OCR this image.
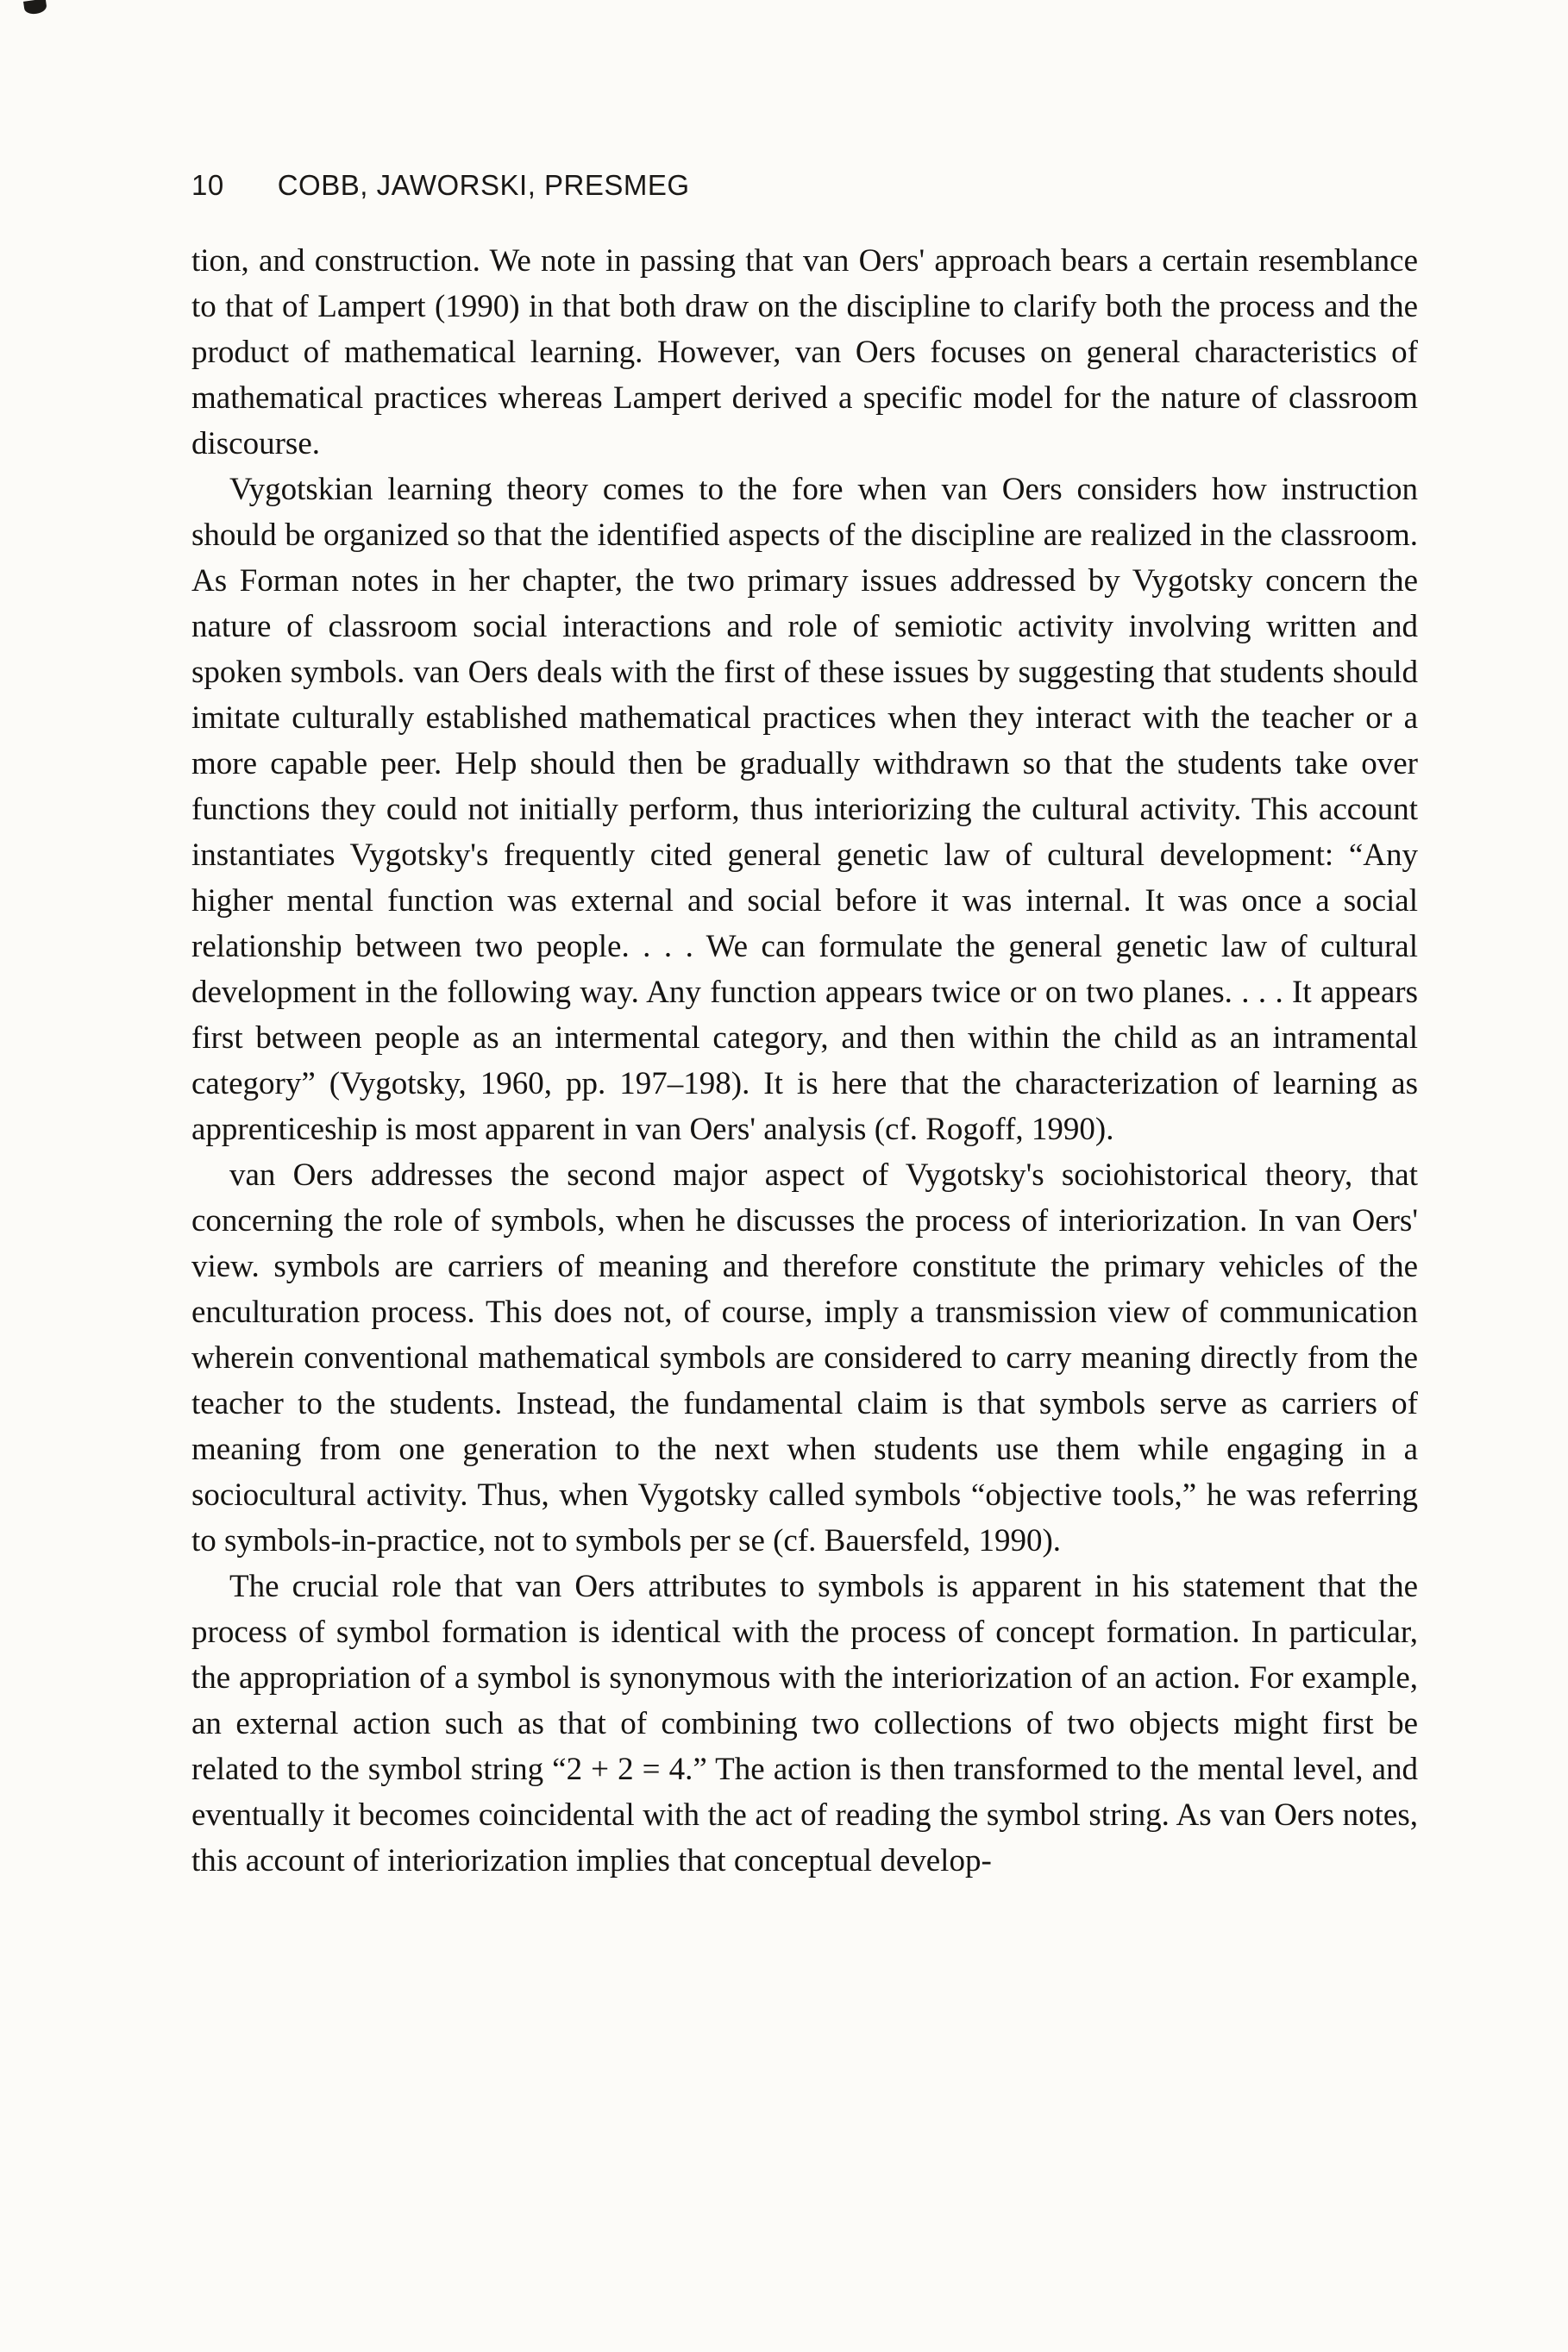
10 COBB, JAWORSKI, PRESMEG

tion, and construction. We note in passing that van Oers' approach bears a certain resemblance to that of Lampert (1990) in that both draw on the discipline to clarify both the process and the product of mathematical learning. However, van Oers focuses on general characteristics of mathematical practices whereas Lampert derived a specific model for the nature of classroom discourse.

Vygotskian learning theory comes to the fore when van Oers considers how instruction should be organized so that the identified aspects of the discipline are realized in the classroom. As Forman notes in her chapter, the two primary issues addressed by Vygotsky concern the nature of classroom social interactions and role of semiotic activity involving written and spoken symbols. van Oers deals with the first of these issues by suggesting that students should imitate culturally established mathematical practices when they interact with the teacher or a more capable peer. Help should then be gradually withdrawn so that the students take over functions they could not initially perform, thus interiorizing the cultural activity. This account instantiates Vygotsky's frequently cited general genetic law of cultural development: “Any higher mental function was external and social before it was internal. It was once a social relationship between two people. . . . We can formulate the general genetic law of cultural development in the following way. Any function appears twice or on two planes. . . . It appears first between people as an intermental category, and then within the child as an intramental category” (Vygotsky, 1960, pp. 197–198). It is here that the characterization of learning as apprenticeship is most apparent in van Oers' analysis (cf. Rogoff, 1990).

van Oers addresses the second major aspect of Vygotsky's sociohistorical theory, that concerning the role of symbols, when he discusses the process of interiorization. In van Oers' view. symbols are carriers of meaning and therefore constitute the primary vehicles of the enculturation process. This does not, of course, imply a transmission view of communication wherein conventional mathematical symbols are considered to carry meaning directly from the teacher to the students. Instead, the fundamental claim is that symbols serve as carriers of meaning from one generation to the next when students use them while engaging in a sociocultural activity. Thus, when Vygotsky called symbols “objective tools,” he was referring to symbols-in-practice, not to symbols per se (cf. Bauersfeld, 1990).

The crucial role that van Oers attributes to symbols is apparent in his statement that the process of symbol formation is identical with the process of concept formation. In particular, the appropriation of a symbol is synonymous with the interiorization of an action. For example, an external action such as that of combining two collections of two objects might first be related to the symbol string “2 + 2 = 4.” The action is then transformed to the mental level, and eventually it becomes coincidental with the act of reading the symbol string. As van Oers notes, this account of interiorization implies that conceptual develop-
